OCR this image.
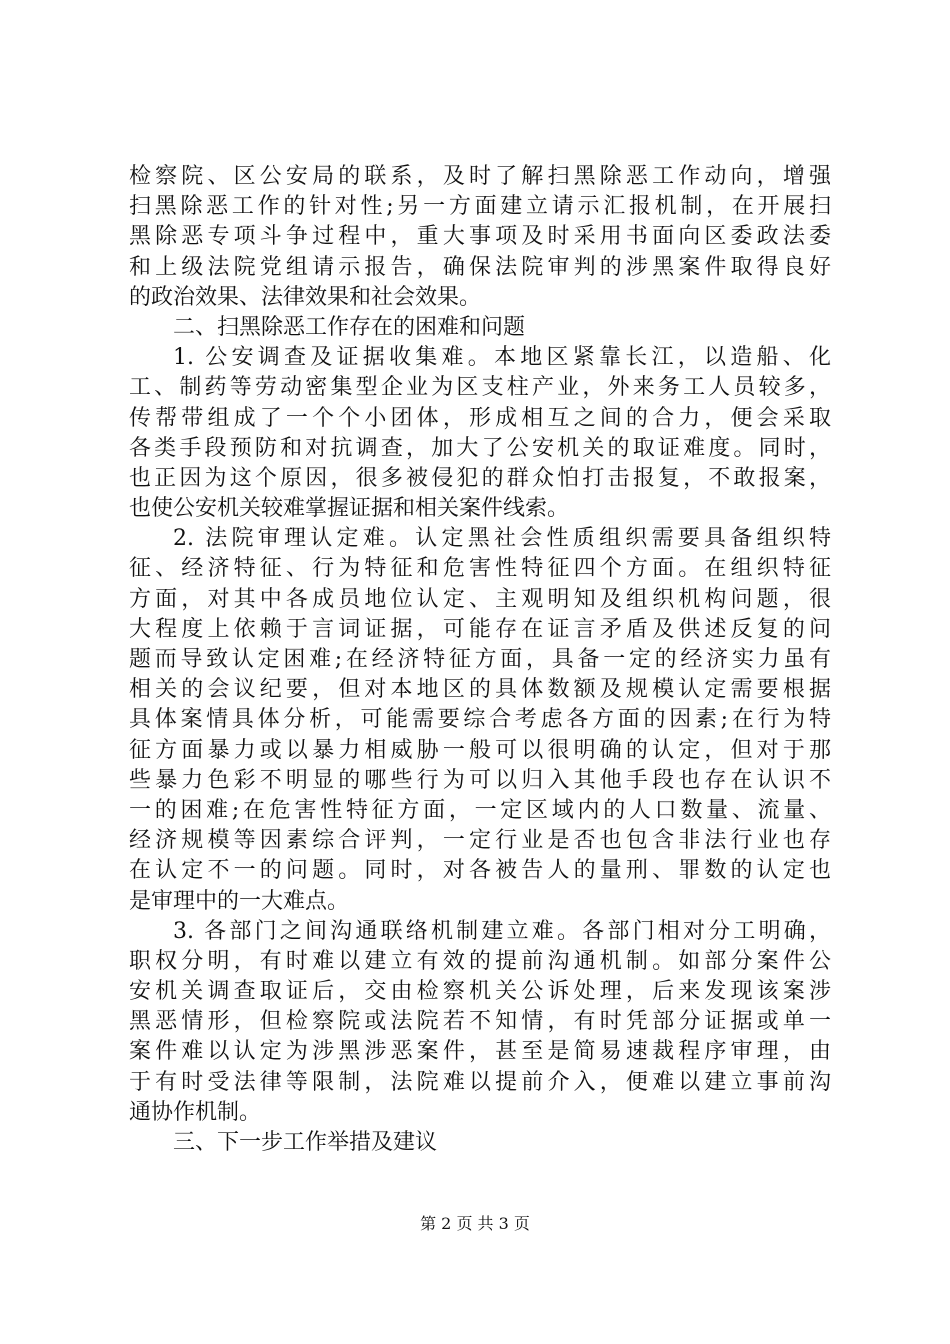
检察院、区公安局的联系，及时了解扫黑除恶工作动向，增强
扫黑除恶工作的针对性;另一方面建立请示汇报机制，在开展扫
黑除恶专项斗争过程中，重大事项及时采用书面向区委政法委
和上级法院党组请示报告，确保法院审判的涉黑案件取得良好
的政治效果、法律效果和社会效果。
二、扫黑除恶工作存在的困难和问题
1. 公安调查及证据收集难。本地区紧靠长江，以造船、化
工、制药等劳动密集型企业为区支柱产业，外来务工人员较多，
传帮带组成了一个个小团体，形成相互之间的合力，便会采取
各类手段预防和对抗调查，加大了公安机关的取证难度。同时，
也正因为这个原因，很多被侵犯的群众怕打击报复，不敢报案，
也使公安机关较难掌握证据和相关案件线索。
2. 法院审理认定难。认定黑社会性质组织需要具备组织特
征、经济特征、行为特征和危害性特征四个方面。在组织特征
方面，对其中各成员地位认定、主观明知及组织机构问题，很
大程度上依赖于言词证据，可能存在证言矛盾及供述反复的问
题而导致认定困难;在经济特征方面，具备一定的经济实力虽有
相关的会议纪要，但对本地区的具体数额及规模认定需要根据
具体案情具体分析，可能需要综合考虑各方面的因素;在行为特
征方面暴力或以暴力相威胁一般可以很明确的认定，但对于那
些暴力色彩不明显的哪些行为可以归入其他手段也存在认识不
一的困难;在危害性特征方面，一定区域内的人口数量、流量、
经济规模等因素综合评判，一定行业是否也包含非法行业也存
在认定不一的问题。同时，对各被告人的量刑、罪数的认定也
是审理中的一大难点。
3. 各部门之间沟通联络机制建立难。各部门相对分工明确，
职权分明，有时难以建立有效的提前沟通机制。如部分案件公
安机关调查取证后，交由检察机关公诉处理，后来发现该案涉
黑恶情形，但检察院或法院若不知情，有时凭部分证据或单一
案件难以认定为涉黑涉恶案件，甚至是简易速裁程序审理，由
于有时受法律等限制，法院难以提前介入，便难以建立事前沟
通协作机制。
三、下一步工作举措及建议
第 2 页 共 3 页
